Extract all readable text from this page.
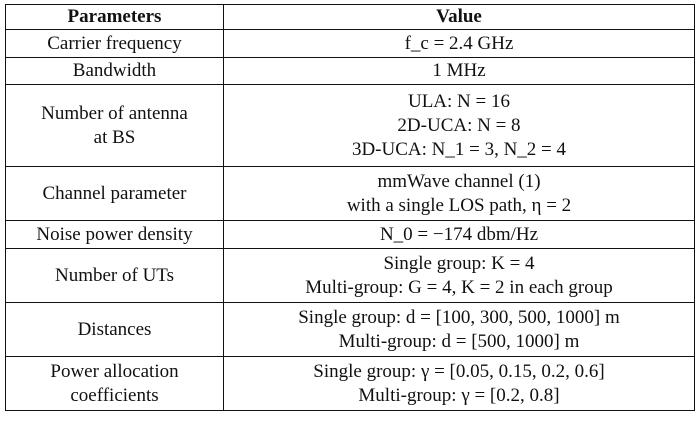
Parameters	Value

Carrier frequency	f_c = 2.4 GHz

Bandwidth	1 MHz

Number of antenna
at BS	ULA: N = 16
2D-UCA: N = 8
3D-UCA: N_1 = 3, N_2 = 4

Channel parameter	mmWave channel (1)
with a single LOS path, η = 2

Noise power density	N_0 = −174 dbm/Hz

Number of UTs	Single group: K = 4
Multi-group: G = 4, K = 2 in each group

Distances	Single group: d = [100, 300, 500, 1000] m
Multi-group: d = [500, 1000] m

Power allocation
coefficients	Single group: γ = [0.05, 0.15, 0.2, 0.6]
Multi-group: γ = [0.2, 0.8]
